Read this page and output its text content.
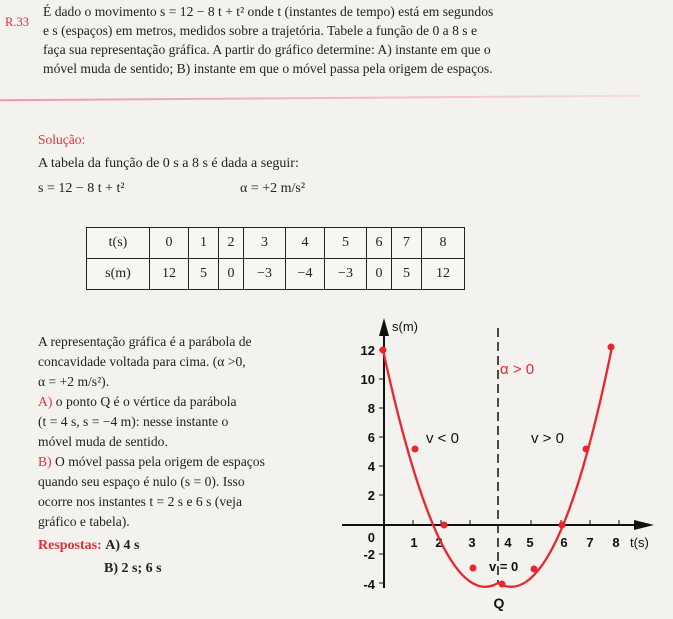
R.33
É dado o movimento s = 12 − 8 t + t² onde t (instantes de tempo) está em segundos
e s (espaços) em metros, medidos sobre a trajetória. Tabele a função de 0 a 8 s e
faça sua representação gráfica. A partir do gráfico determine: A) instante em que o
móvel muda de sentido; B) instante em que o móvel passa pela origem de espaços.
Solução:
A tabela da função de 0 s a 8 s é dada a seguir:
s = 12 − 8 t + t²	α = +2 m/s²
t(s)	0	1	2	3	4	5	6	7	8
s(m)	12	5	0	−3	−4	−3	0	5	12
A representação gráfica é a parábola de
concavidade voltada para cima. (α >0,
α = +2 m/s²).
A) o ponto Q é o vértice da parábola
(t = 4 s, s = −4 m): nesse instante o
móvel muda de sentido.
B) O móvel passa pela origem de espaços
quando seu espaço é nulo (s = 0). Isso
ocorre nos instantes t = 2 s e 6 s (veja
gráfico e tabela).
Respostas: A) 4 s
B) 2 s; 6 s
s(m)
t(s)
12
10
8
6
4
2
0
-2
-4
1 2 3 4 5 6 7 8
v < 0	v > 0
α > 0
v = 0
Q
